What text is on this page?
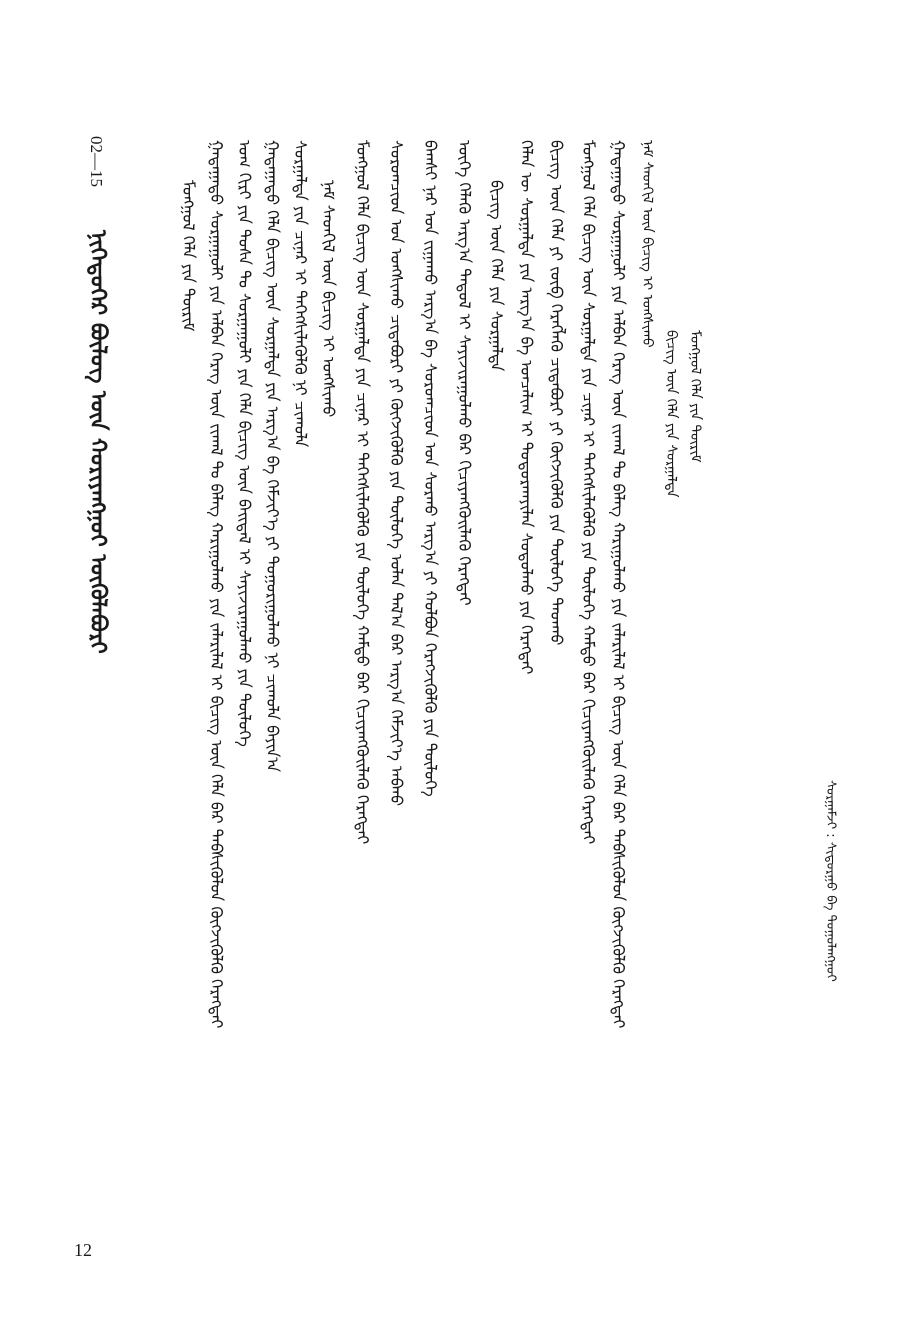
02—15
ᠨᠢᠭᠡᠳᠦᠭᠡᠷ ᠪᠦᠯᠦᠭ ᠦᠨ ᠬᠤᠷᠢᠶᠠᠩᠭᠤᠢ ᠦᠭᠦᠯᠡᠪᠦᠷᠢ	ᠮᠣᠩᠭᠣᠯ ᠬᠡᠯᠡ ᠶᠢᠨ ᠳᠦᠷᠢᠮ ᠭᠠᠳᠠᠭᠠᠳᠤ ᠰᠤᠷᠭᠠᠭᠤᠯᠢ ᠶᠢᠨ ᠠᠯᠪᠠᠨ ᠬᠡᠷᠡᠭ ᠦᠨ ᠵᠢᠬᠠᠯ ᠲᠤ ᠪᠡᠯᠡᠭ ᠬᠠᠷᠢᠭᠤᠯᠬᠤ ᠶᠢᠨ ᠵᠠᠯᠠᠷᠢᠯᠠᠯ ᠢ ᠪᠢᠴᠢᠭ᠌ ᠦᠨ ᠬᠡᠯᠡ ᠪᠡᠷ ᠳᠡᠪᠰᠢᠭᠦᠯᠦᠨ ᠬᠥᠭᠵᠢᠭᠦᠯᠬᠦ ᠬᠡᠷᠡᠭᠲᠡᠢ ᠤᠭ ᠬᠢᠷᠢ ᠶᠢᠨ ᠲᠤᠰᠠ ᠲᠤ ᠰᠤᠷᠭᠠᠭᠤᠯᠢ ᠶᠢᠨ ᠬᠡᠯᠡ ᠪᠢᠴᠢᠭ ᠦᠨ ᠪᠠᠢᠳᠠᠯ ᠢ ᠰᠠᠶᠢᠵᠢᠷᠠᠭᠤᠯᠬᠤ ᠶᠢᠨ ᠲᠥᠯᠥᠭᠡ ᠭᠠᠳᠠᠭᠠᠳᠤ ᠬᠡᠯᠡ ᠪᠢᠴᠢᠭ ᠦᠨ ᠰᠤᠷᠭᠠᠯᠲᠠ ᠶᠢᠨ ᠠᠷᠭ᠎ᠠ ᠪᠠ ᠬᠡᠮᠵᠢᠶ᠎ᠡ ᠶᠢ ᠲᠤᠭᠤᠷᠢᠭᠤᠯᠬᠤ ᠨᠢ ᠴᠢᠬᠤᠯᠠ ᠪᠠᠶᠢᠨ᠎ᠠ ᠰᠤᠷᠭᠠᠯᠲᠠ ᠶᠢᠨ ᠴᠢᠨᠠᠷ ᠢ ᠳᠡᠭᠡᠭᠰᠢᠯᠡᠭᠦᠯᠬᠦ ᠨᠢ ᠴᠢᠬᠤᠯᠠ ᠨᠠᠮ ᠰᠡᠳᠬᠢᠯ ᠦᠨ ᠪᠢᠴᠢᠭ ᠢ ᠤᠩᠰᠢᠬᠤ ᠮᠣᠩᠭᠣᠯ ᠬᠡᠯᠡ ᠪᠢᠴᠢᠭ ᠦᠨ ᠰᠤᠷᠭᠠᠯᠲᠠ ᠶᠢᠨ ᠴᠢᠨᠠᠷ ᠢ ᠳᠡᠭᠡᠭᠰᠢᠯᠡᠭᠦᠯᠬᠦ ᠶᠢᠨ ᠲᠥᠯᠥᠭᠡ ᠬᠠᠮᠲᠤ ᠪᠡᠷ ᠬᠢᠴᠢᠶᠡᠩᠭᠦᠢᠯᠡᠬᠦ ᠬᠡᠷᠡᠭᠲᠡᠢ ᠰᠤᠷᠤᠭᠴᠢᠳ ᠤᠨ ᠤᠩᠰᠢᠬᠤ ᠴᠢᠳᠠᠪᠤᠷᠢ ᠶᠢ ᠬᠥᠭᠵᠢᠭᠦᠯᠬᠦ ᠶᠢᠨ ᠲᠥᠯᠥᠭᠡ ᠣᠯᠠᠨ ᠲᠠᠯ᠎ᠠ ᠪᠠᠷ ᠠᠷᠭ᠎ᠠ ᠬᠡᠮᠵᠢᠶ᠎ᠡ ᠠᠪᠬᠤ ᠪᠠᠭᠰᠢ ᠨᠠᠷ ᠤᠨ ᠵᠢᠭᠠᠬᠤ ᠠᠷᠭ᠎ᠠ ᠪᠠ ᠰᠤᠷᠤᠭᠴᠢᠳ ᠤᠨ ᠰᠤᠷᠬᠤ ᠠᠷᠭ᠎ᠠ ᠶᠢ ᠬᠣᠯᠪᠣᠨ ᠬᠡᠷᠡᠭᠵᠢᠭᠦᠯᠬᠦ ᠶᠢᠨ ᠲᠥᠯᠥᠭᠡ ᠦᠭᠡ ᠬᠡᠯᠡᠬᠦ ᠠᠷᠭ᠎ᠠ ᠳᠠᠳᠤᠯ ᠢ ᠰᠠᠶᠢᠵᠢᠷᠠᠭᠤᠯᠬᠤ ᠪᠡᠷ ᠬᠢᠴᠢᠶᠡᠩᠭᠦᠢᠯᠡᠬᠦ ᠬᠡᠷᠡᠭᠲᠡᠢ ᠪᠢᠴᠢᠭ ᠦᠨ ᠬᠡᠯᠡ ᠶᠢᠨ ᠰᠤᠷᠭᠠᠯᠲᠠ ᠬᠡᠯᠡᠨ ᠦ ᠰᠤᠷᠭᠠᠯᠲᠠ ᠶᠢᠨ ᠠᠷᠭ᠎ᠠ ᠪᠠ ᠣᠨᠴᠠᠯᠢᠭ ᠢ ᠲᠣᠳᠤᠷᠬᠠᠶᠢᠯᠠᠨ ᠰᠤᠳᠤᠯᠬᠤ ᠶᠢᠨ ᠬᠡᠷᠡᠭᠲᠡᠢ ᠪᠢᠴᠢᠭ᠌ ᠦᠨ ᠬᠡᠯᠡ ᠶᠢ ᠵᠥᠪ ᠬᠡᠷᠡᠭᠯᠡᠬᠦ ᠴᠢᠳᠠᠪᠤᠷᠢ ᠶᠢ ᠬᠥᠭᠵᠢᠭᠦᠯᠬᠦ ᠶᠢᠨ ᠲᠥᠯᠥᠭᠡ ᠳᠠᠳᠬᠤ ᠮᠣᠩᠭᠣᠯ ᠬᠡᠯᠡ ᠪᠢᠴᠢᠭ ᠦᠨ ᠰᠤᠷᠭᠠᠯᠲᠠ ᠶᠢᠨ ᠴᠢᠨᠠᠷ ᠢ ᠳᠡᠭᠡᠭᠰᠢᠯᠡᠭᠦᠯᠬᠦ ᠶᠢᠨ ᠲᠥᠯᠥᠭᠡ ᠬᠠᠮᠲᠤ ᠪᠡᠷ ᠬᠢᠴᠢᠶᠡᠩᠭᠦᠢᠯᠡᠬᠦ ᠬᠡᠷᠡᠭᠲᠡᠢ ᠭᠠᠳᠠᠭᠠᠳᠤ ᠰᠤᠷᠭᠠᠭᠤᠯᠢ ᠶᠢᠨ ᠠᠯᠪᠠᠨ ᠬᠡᠷᠡᠭ ᠦᠨ ᠵᠢᠬᠠᠯ ᠲᠤ ᠪᠡᠯᠡᠭ ᠬᠠᠷᠢᠭᠤᠯᠬᠤ ᠶᠢᠨ ᠵᠠᠯᠠᠷᠢᠯᠠᠯ ᠢ ᠪᠢᠴᠢᠭ᠌ ᠦᠨ ᠬᠡᠯᠡ ᠪᠡᠷ ᠳᠡᠪᠰᠢᠭᠦᠯᠦᠨ ᠬᠥᠭᠵᠢᠭᠦᠯᠬᠦ ᠬᠡᠷᠡᠭᠲᠡᠢ ᠨᠠᠮ ᠰᠡᠳᠬᠢᠯ ᠦᠨ ᠪᠢᠴᠢᠭ ᠢ ᠤᠩᠰᠢᠬᠤ
ᠪᠢᠴᠢᠭ ᠦᠨ ᠬᠡᠯᠡ ᠶᠢᠨ ᠰᠤᠷᠭᠠᠯᠲᠠ ᠮᠣᠩᠭᠣᠯ ᠬᠡᠯᠡ ᠶᠢᠨ ᠳᠦᠷᠢᠮ
ᠰᠤᠷᠭᠠᠮᠵᠢ : ᠰᠢᠳᠤᠷᠭᠤ ᠪᠠ ᠳᠤᠭᠤᠯᠠᠩᠭᠤᠢ
12
